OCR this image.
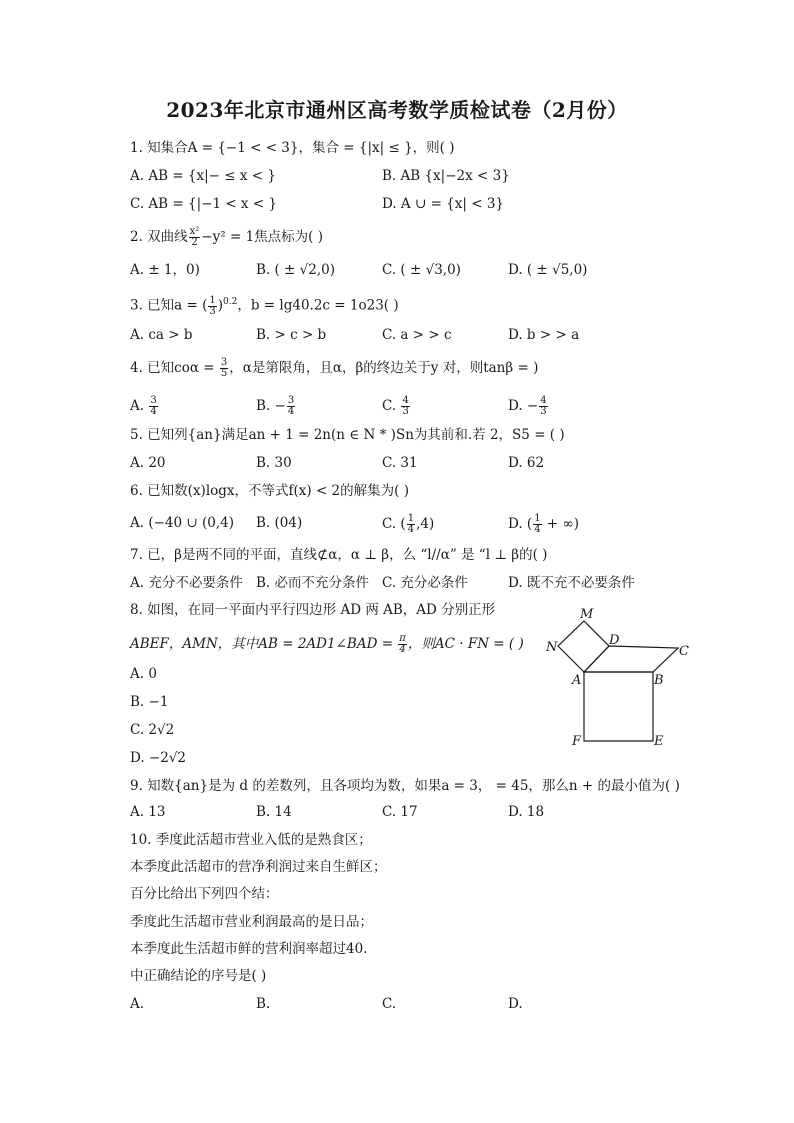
2023年北京市通州区高考数学质检试卷（2月份）
1. 知集合A = {−1 < < 3}，集合 = {|x| ≤ }，则( )
A. AB = {x|− ≤ x < }	B. AB {x|−2x < 3}
C. AB = {|−1 < x < }	D. A ∪ = {x| < 3}
2. 双曲线 $\frac{\text{x²}}{2} -y^2 = 1$焦点标为( )
A. ± 1，0)	B. ( ± √2,0)	C. ( ± √3,0)	D. ( ± √5,0)
3. 已知a = ( $\frac{1}{3} )^{0.2}$，b = lg40.2c = 1o23( )
A. ca > b	B. > c > b	C. a > > c	D. b > > a
4. 已知$co\alpha = \frac{3}{5}$ ，α是第限角，且α，β的终边关于y 对，则tanβ = )
A. $\frac{3}{4}$	B. − $\frac{3}{4}$	C. $\frac{4}{3}$	D. − $\frac{4}{3}$
5. 已知列{an}满足an + 1 = 2n(n ∈ N * )Sn为其前和.若 2，S5 = ( )
A. 20	B. 30	C. 31	D. 62
6. 已知数(x)logx，不等式f(x) < 2的解集为( )
A. (−40 ∪ (0,4) B. (04)	C. ( $\frac{1}{4} ,4$)	D. ( $\frac{1}{4}$ + ∞)
7. 已，β是两不同的平面，直线⊄α，α ⊥ β，么 “l//α” 是 “l ⊥ β的( )
A. 充分不必要条件 B. 必而不充分条件 C. 充分必条件	D. 既不充不必要条件
8. 如图，在同一平面内平行四边形 AD 两 AB，AD 分别正形
ABEF，AMN，其中AB = 2AD1∠BAD = $\frac{\pi}{4}$ ，则AC · FN = ( )
A. 0
B. −1
C. 2√2
D. −2√2
M
D
N	C
A	B
F	E
9. 知数{an}是为 d 的差数列，且各项均为数，如果a = 3， = 45，那么n + 的最小值为( )
A. 13	B. 14	C. 17	D. 18
10. 季度此活超市营业入低的是熟食区；
本季度此活超市的营净利润过来自生鲜区；
百分比给出下列四个结：
季度此生活超市营业利润最高的是日品；
本季度此生活超市鲜的营利润率超过40.
中正确结论的序号是( )
A.	B.	C.	D.
